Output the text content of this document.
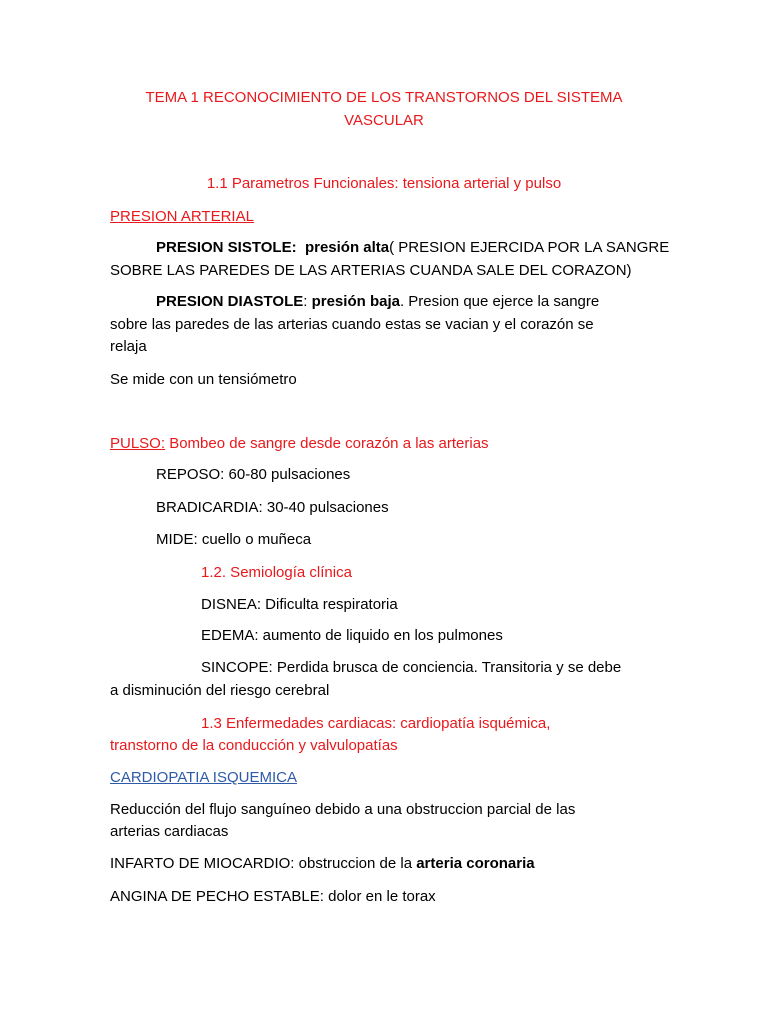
TEMA 1 RECONOCIMIENTO DE LOS TRANSTORNOS DEL SISTEMA
VASCULAR
1.1 Parametros Funcionales: tensiona arterial y pulso
PRESION ARTERIAL
PRESION SISTOLE: presión alta( PRESION EJERCIDA POR LA SANGRE
SOBRE LAS PAREDES DE LAS ARTERIAS CUANDA SALE DEL CORAZON)
PRESION DIASTOLE: presión baja. Presion que ejerce la sangre
sobre las paredes de las arterias cuando estas se vacian y el corazón se
relaja
Se mide con un tensiómetro
PULSO: Bombeo de sangre desde corazón a las arterias
REPOSO: 60-80 pulsaciones
BRADICARDIA: 30-40 pulsaciones
MIDE: cuello o muñeca
1.2. Semiología clínica
DISNEA: Dificulta respiratoria
EDEMA: aumento de liquido en los pulmones
SINCOPE: Perdida brusca de conciencia. Transitoria y se debe
a disminución del riesgo cerebral
1.3 Enfermedades cardiacas: cardiopatía isquémica,
transtorno de la conducción y valvulopatías
CARDIOPATIA ISQUEMICA
Reducción del flujo sanguíneo debido a una obstruccion parcial de las
arterias cardiacas
INFARTO DE MIOCARDIO: obstruccion de la arteria coronaria
ANGINA DE PECHO ESTABLE: dolor en le torax
